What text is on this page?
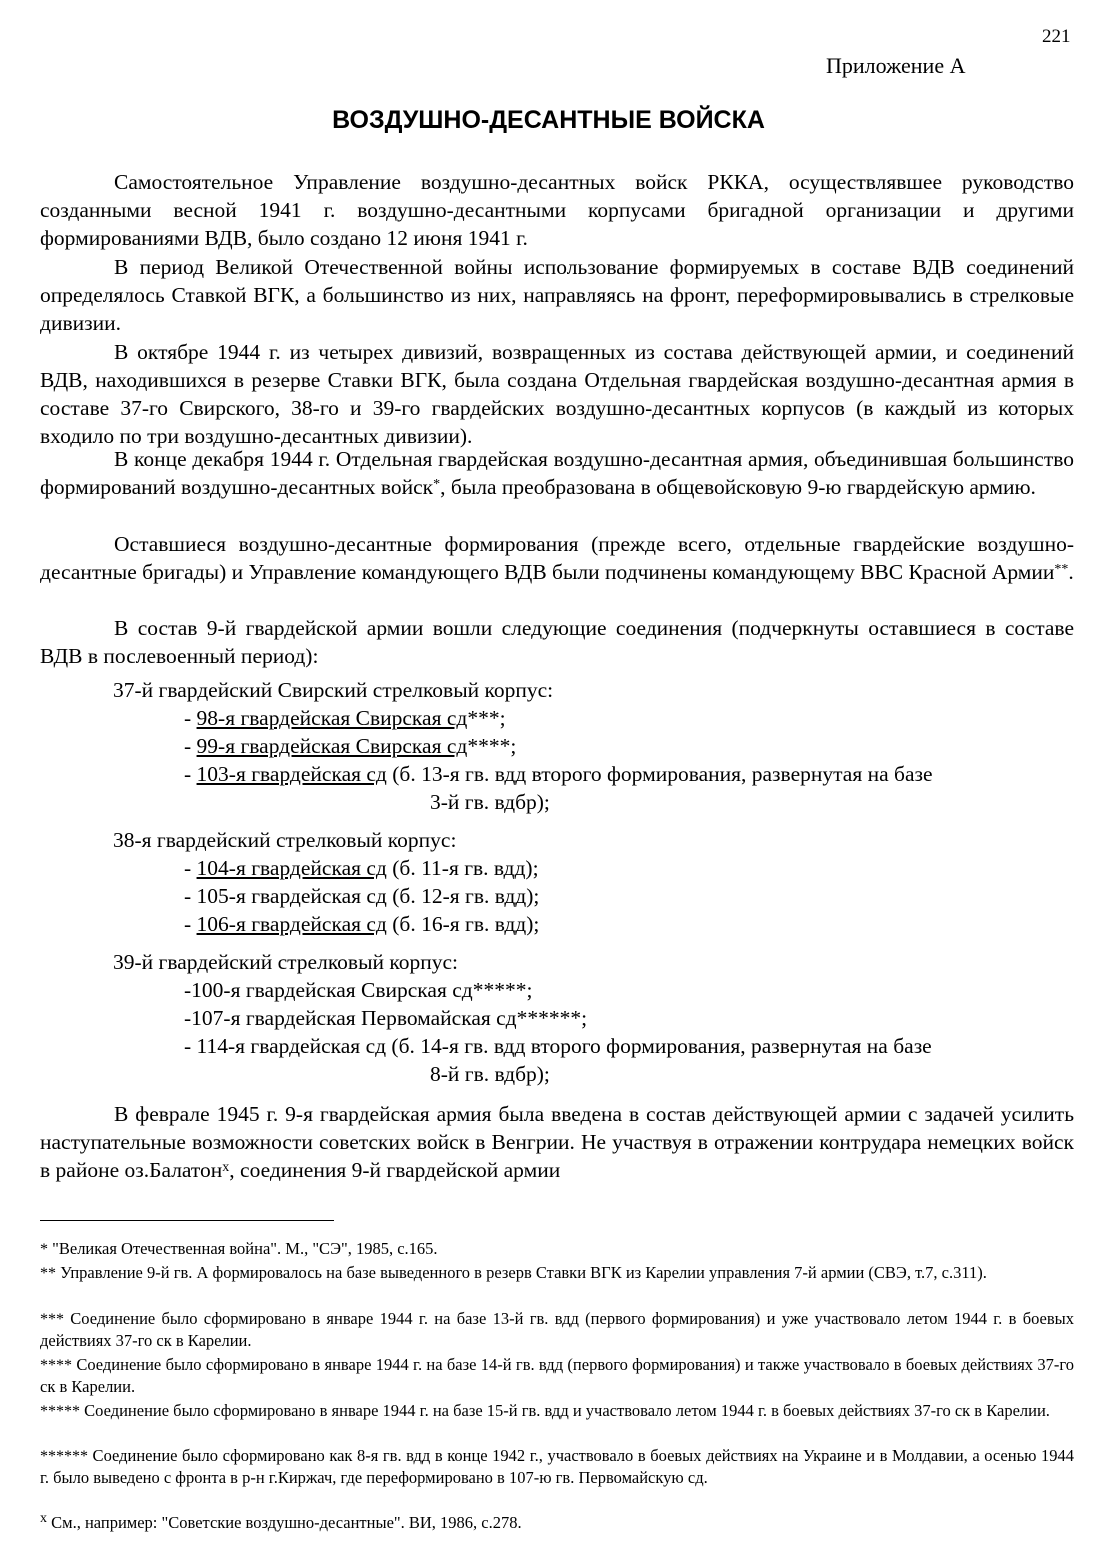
221
Приложение А
ВОЗДУШНО-ДЕСАНТНЫЕ ВОЙСКА

Самостоятельное Управление воздушно-десантных войск РККА, осуществлявшее руководство созданными весной 1941 г. воздушно-десантными корпусами бригадной организации и другими формированиями ВДВ, было создано 12 июня 1941 г.

В период Великой Отечественной войны использование формируемых в составе ВДВ соединений определялось Ставкой ВГК, а большинство из них, направляясь на фронт, переформировывались в стрелковые дивизии.

В октябре 1944 г. из четырех дивизий, возвращенных из состава действующей армии, и соединений ВДВ, находившихся в резерве Ставки ВГК, была создана Отдельная гвардейская воздушно-десантная армия в составе 37-го Свирского, 38-го и 39-го гвардейских воздушно-десантных корпусов (в каждый из которых входило по три воздушно-десантных дивизии).

В конце декабря 1944 г. Отдельная гвардейская воздушно-десантная армия, объединившая большинство формирований воздушно-десантных войск*, была преобразована в общевойсковую 9-ю гвардейскую армию.

Оставшиеся воздушно-десантные формирования (прежде всего, отдельные гвардейские воздушно-десантные бригады) и Управление командующего ВДВ были подчинены командующему ВВС Красной Армии**.

В состав 9-й гвардейской армии вошли следующие соединения (подчеркнуты оставшиеся в составе ВДВ в послевоенный период):

37-й гвардейский Свирский стрелковый корпус:
- 98-я гвардейская Свирская сд***;
- 99-я гвардейская Свирская сд****;
- 103-я гвардейская сд (б. 13-я гв. вдд второго формирования, развернутая на базе
3-й гв. вдбр);
38-я гвардейский стрелковый корпус:
- 104-я гвардейская сд (б. 11-я гв. вдд);
- 105-я гвардейская сд (б. 12-я гв. вдд);
- 106-я гвардейская сд (б. 16-я гв. вдд);
39-й гвардейский стрелковый корпус:
-100-я гвардейская Свирская сд*****;
-107-я гвардейская Первомайская сд******;
- 114-я гвардейская сд (б. 14-я гв. вдд второго формирования, развернутая на базе
8-й гв. вдбр);

В феврале 1945 г. 9-я гвардейская армия была введена в состав действующей армии с задачей усилить наступательные возможности советских войск в Венгрии. Не участвуя в отражении контрудара немецких войск в районе оз.Балатон$^x$, соединения 9-й гвардейской армии

* "Великая Отечественная война". М., "СЭ", 1985, с.165.
** Управление 9-й гв. А формировалось на базе выведенного в резерв Ставки ВГК из Карелии управления 7-й армии (СВЭ, т.7, с.311).
*** Соединение было сформировано в январе 1944 г. на базе 13-й гв. вдд (первого формирования) и уже участвовало летом 1944 г. в боевых действиях 37-го ск в Карелии.
**** Соединение было сформировано в январе 1944 г. на базе 14-й гв. вдд (первого формирования) и также участвовало в боевых действиях 37-го ск в Карелии.
***** Соединение было сформировано в январе 1944 г. на базе 15-й гв. вдд и участвовало летом 1944 г. в боевых действиях 37-го ск в Карелии.
****** Соединение было сформировано как 8-я гв. вдд в конце 1942 г., участвовало в боевых действиях на Украине и в Молдавии, а осенью 1944 г. было выведено с фронта в р-н г.Киржач, где переформировано в 107-ю гв. Первомайскую сд.
$^x$ См., например: "Советские воздушно-десантные". ВИ, 1986, с.278.
